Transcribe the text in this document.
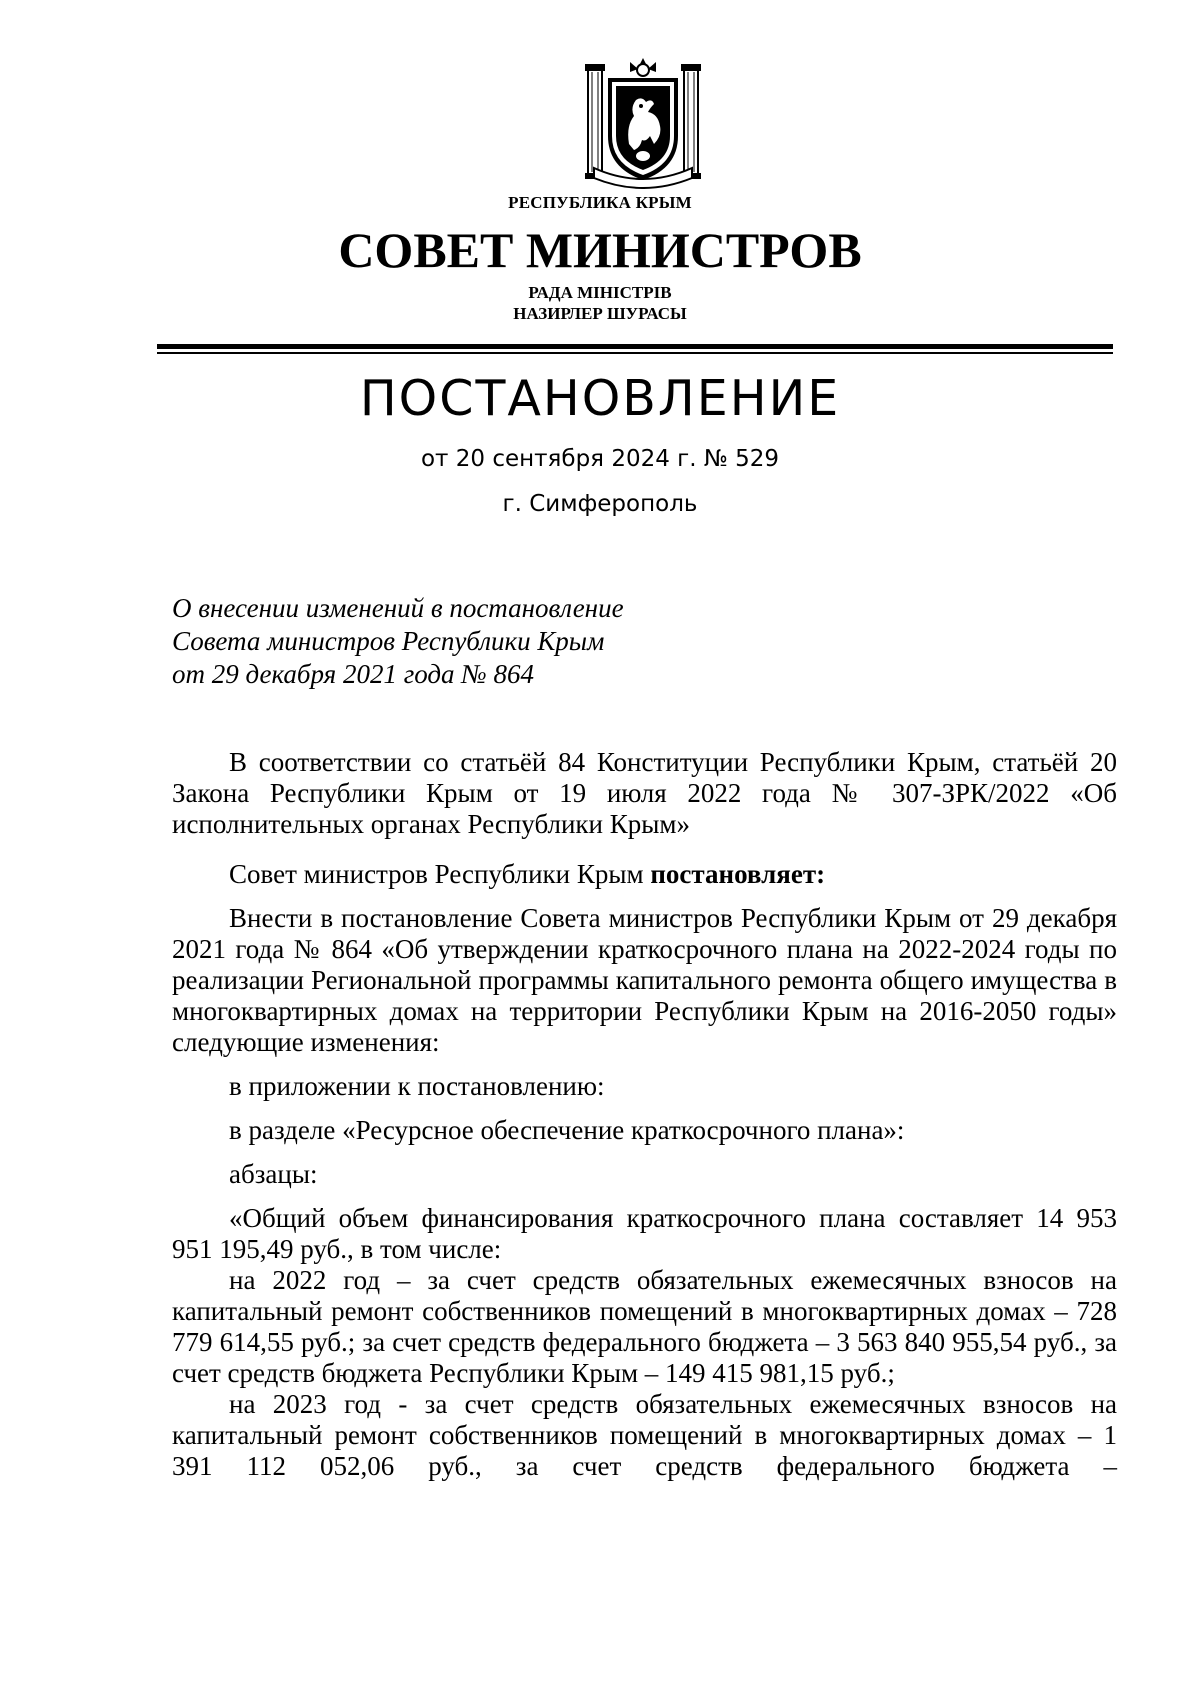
РЕСПУБЛИКА КРЫМ
СОВЕТ МИНИСТРОВ
РАДА МІНІСТРІВ
НАЗИРЛЕР ШУРАСЫ
ПОСТАНОВЛЕНИЕ
от 20 сентября 2024 г. № 529
г. Симферополь
О внесении изменений в постановление
Совета министров Республики Крым
от 29 декабря 2021 года № 864

В соответствии со статьёй 84 Конституции Республики Крым, статьёй 20 Закона Республики Крым от 19 июля 2022 года № 307-ЗРК/2022 «Об исполнительных органах Республики Крым»

Совет министров Республики Крым постановляет:

Внести в постановление Совета министров Республики Крым от 29 декабря 2021 года № 864 «Об утверждении краткосрочного плана на 2022-2024 годы по реализации Региональной программы капитального ремонта общего имущества в многоквартирных домах на территории Республики Крым на 2016-2050 годы» следующие изменения:

в приложении к постановлению:

в разделе «Ресурсное обеспечение краткосрочного плана»:

абзацы:

«Общий объем финансирования краткосрочного плана составляет 14 953 951 195,49 руб., в том числе:

на 2022 год – за счет средств обязательных ежемесячных взносов на капитальный ремонт собственников помещений в многоквартирных домах – 728 779 614,55 руб.; за счет средств федерального бюджета – 3 563 840 955,54 руб., за счет средств бюджета Республики Крым – 149 415 981,15 руб.;

на 2023 год - за счет средств обязательных ежемесячных взносов на капитальный ремонт собственников помещений в многоквартирных домах – 1 391 112 052,06 руб., за счет средств федерального бюджета –
